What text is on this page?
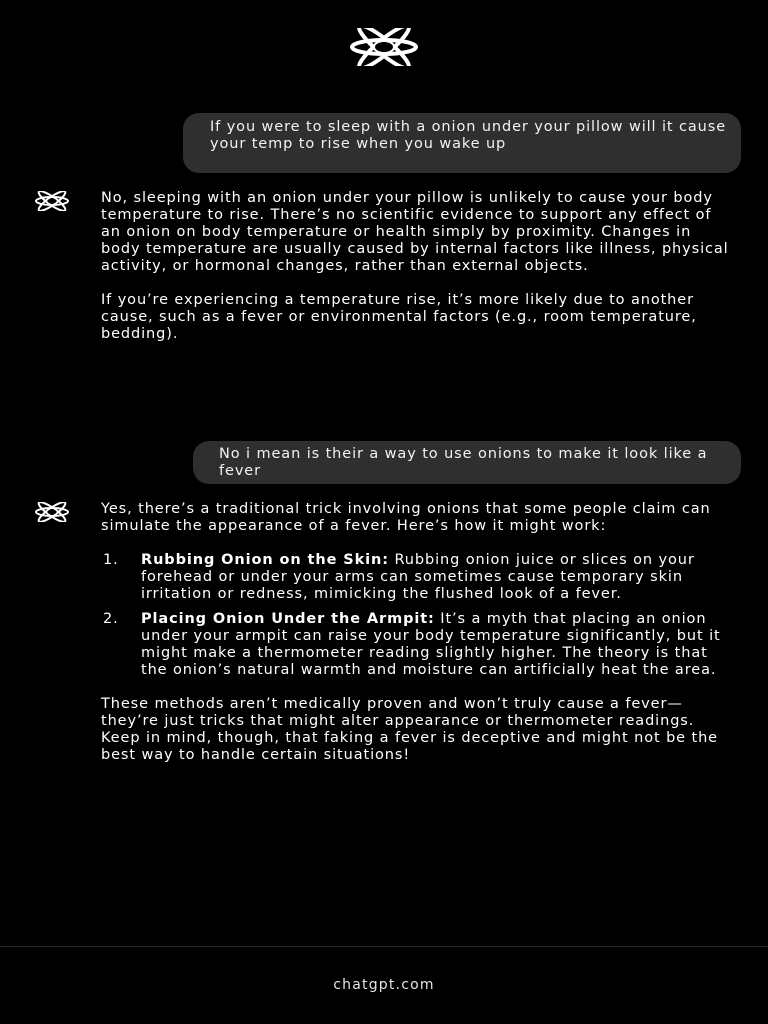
If you were to sleep with a onion under your pillow will it cause your temp to rise when you wake up

No, sleeping with an onion under your pillow is unlikely to cause your body temperature to rise. There’s no scientific evidence to support any effect of an onion on body temperature or health simply by proximity. Changes in body temperature are usually caused by internal factors like illness, physical activity, or hormonal changes, rather than external objects.

If you’re experiencing a temperature rise, it’s more likely due to another cause, such as a fever or environmental factors (e.g., room temperature, bedding).

No i mean is their a way to use onions to make it look like a fever

Yes, there’s a traditional trick involving onions that some people claim can simulate the appearance of a fever. Here’s how it might work:

1. Rubbing Onion on the Skin: Rubbing onion juice or slices on your forehead or under your arms can sometimes cause temporary skin irritation or redness, mimicking the flushed look of a fever.
2. Placing Onion Under the Armpit: It’s a myth that placing an onion under your armpit can raise your body temperature significantly, but it might make a thermometer reading slightly higher. The theory is that the onion’s natural warmth and moisture can artificially heat the area.

These methods aren’t medically proven and won’t truly cause a fever—they’re just tricks that might alter appearance or thermometer readings. Keep in mind, though, that faking a fever is deceptive and might not be the best way to handle certain situations!

chatgpt.com
